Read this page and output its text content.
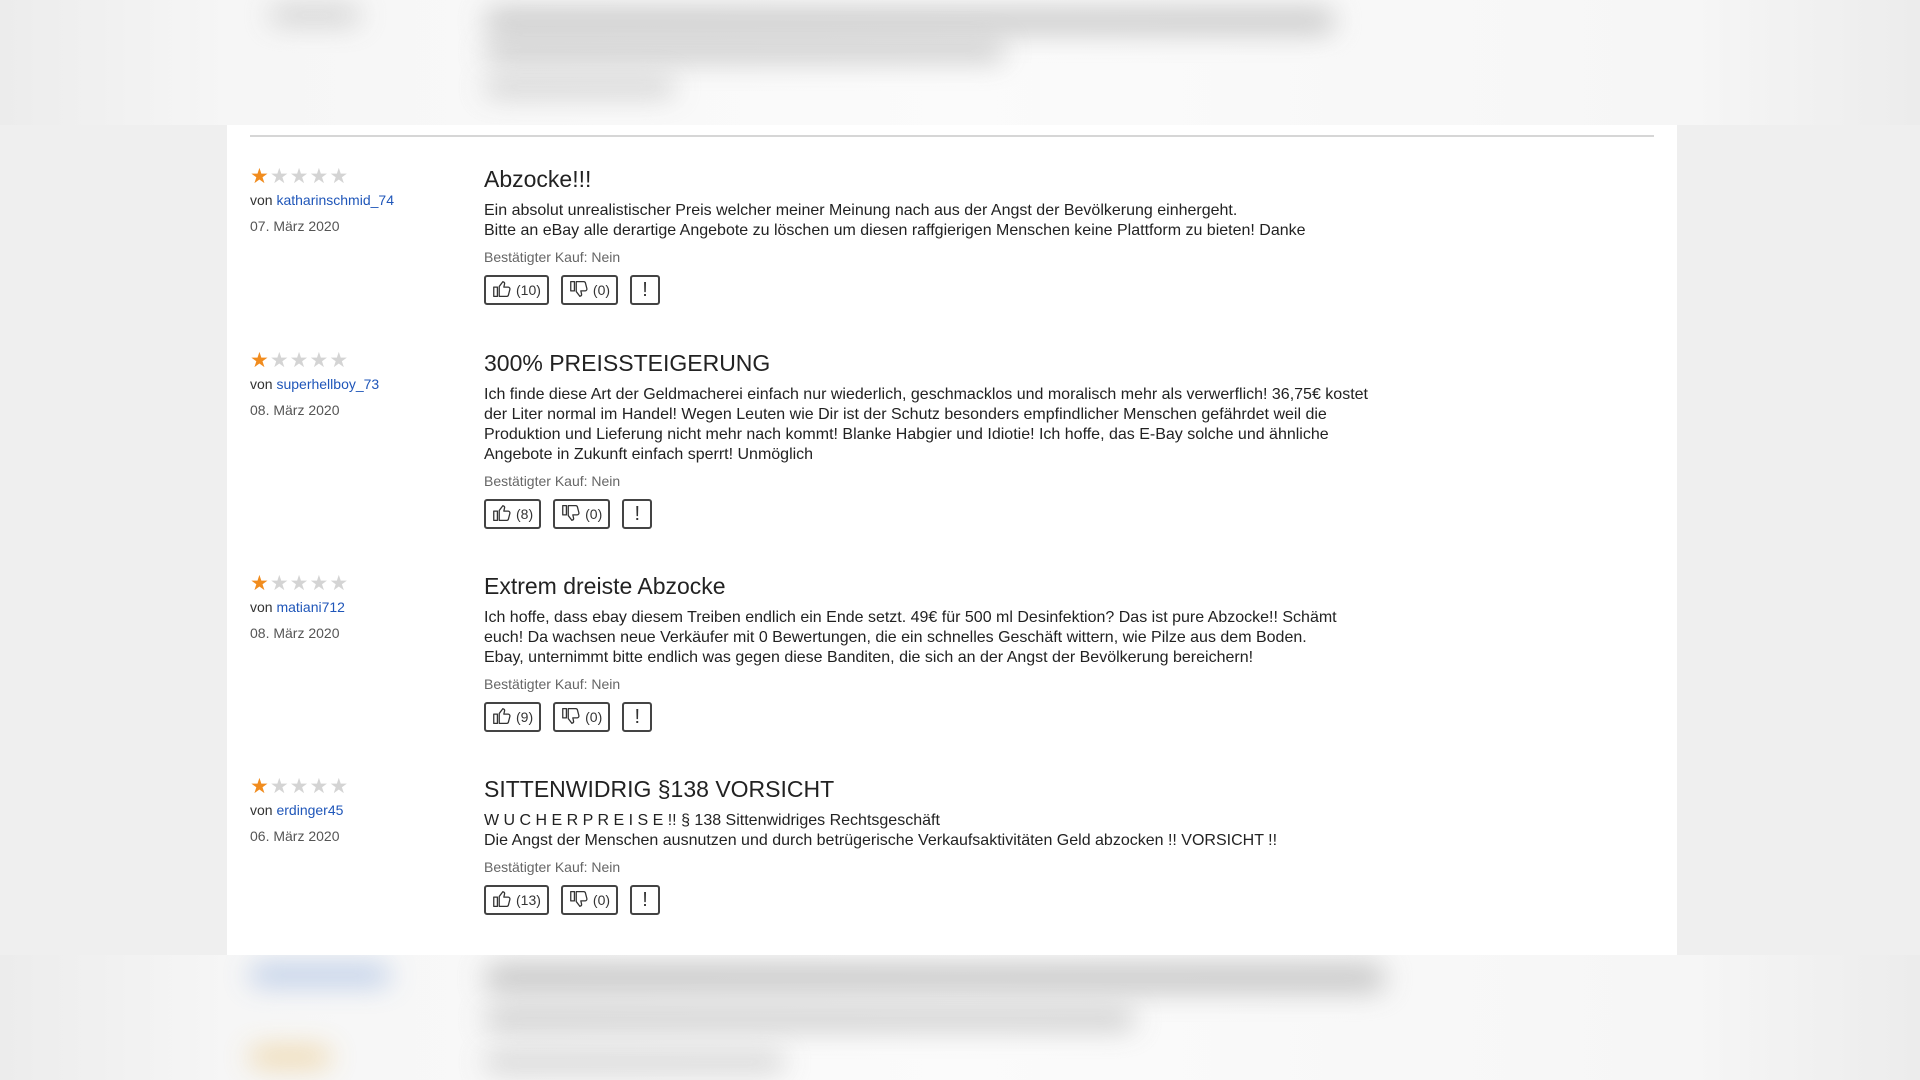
★ ★ ★ ★ ★
von katharinschmid_74
07. März 2020
Abzocke!!!
Ein absolut unrealistischer Preis welcher meiner Meinung nach aus der Angst der Bevölkerung einhergeht.
Bitte an eBay alle derartige Angebote zu löschen um diesen raffgierigen Menschen keine Plattform zu bieten! Danke
Bestätigter Kauf: Nein
(10)	(0) !
★ ★ ★ ★ ★
von superhellboy_73
08. März 2020
300% PREISSTEIGERUNG
Ich finde diese Art der Geldmacherei einfach nur wiederlich, geschmacklos und moralisch mehr als verwerflich! 36,75€ kostet
der Liter normal im Handel! Wegen Leuten wie Dir ist der Schutz besonders empfindlicher Menschen gefährdet weil die
Produktion und Lieferung nicht mehr nach kommt! Blanke Habgier und Idiotie! Ich hoffe, das E-Bay solche und ähnliche
Angebote in Zukunft einfach sperrt! Unmöglich
Bestätigter Kauf: Nein
(8)	(0) !
★ ★ ★ ★ ★
von matiani712
08. März 2020
Extrem dreiste Abzocke
Ich hoffe, dass ebay diesem Treiben endlich ein Ende setzt. 49€ für 500 ml Desinfektion? Das ist pure Abzocke!! Schämt
euch! Da wachsen neue Verkäufer mit 0 Bewertungen, die ein schnelles Geschäft wittern, wie Pilze aus dem Boden.
Ebay, unternimmt bitte endlich was gegen diese Banditen, die sich an der Angst der Bevölkerung bereichern!
Bestätigter Kauf: Nein
(9)	(0) !
★ ★ ★ ★ ★
von erdinger45
06. März 2020
SITTENWIDRIG §138 VORSICHT
W U C H E R P R E I S E !! § 138 Sittenwidriges Rechtsgeschäft
Die Angst der Menschen ausnutzen und durch betrügerische Verkaufsaktivitäten Geld abzocken !! VORSICHT !!
Bestätigter Kauf: Nein
(13)	(0) !
